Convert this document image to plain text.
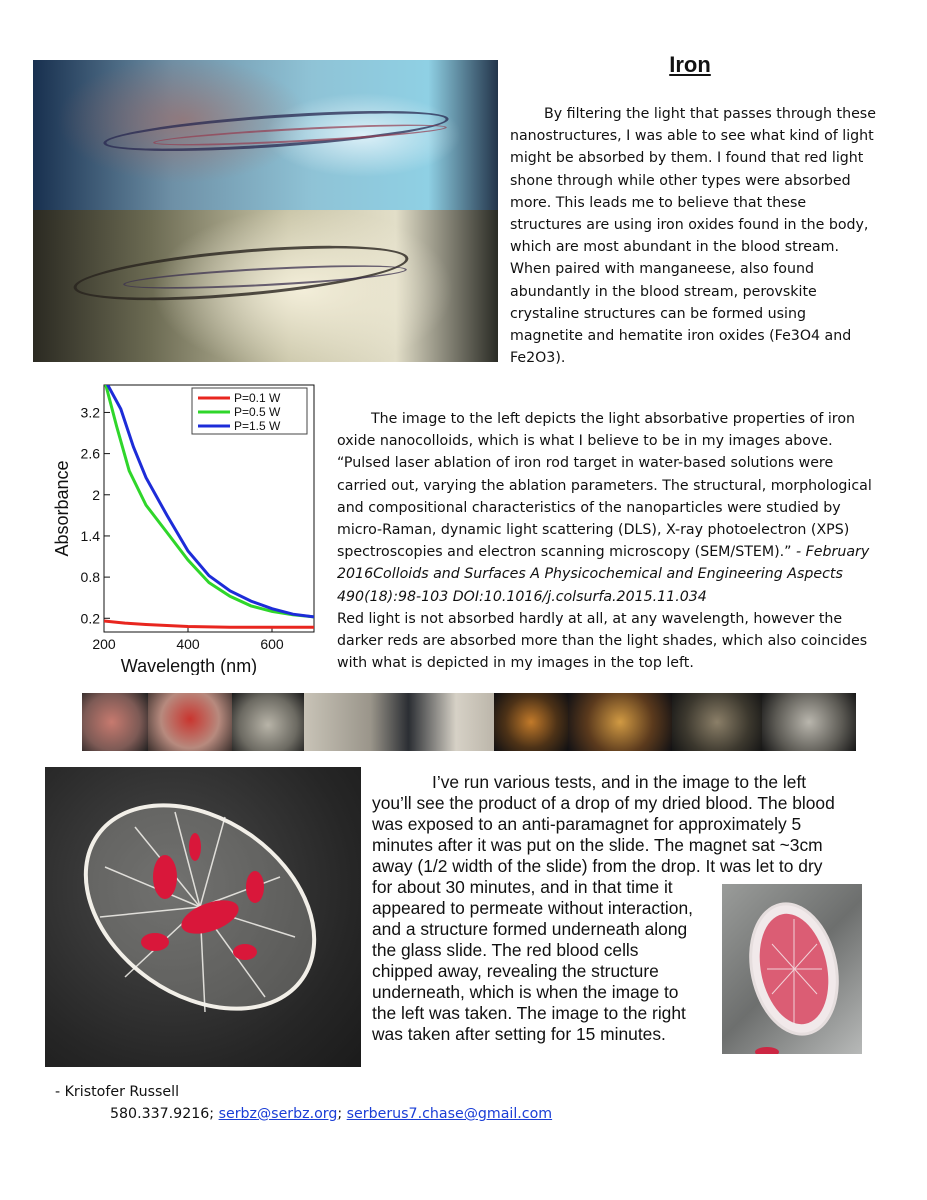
Iron

By filtering the light that passes through these nanostructures, I was able to see what kind of light might be absorbed by them. I found that red light shone through while other types were absorbed more. This leads me to believe that these structures are using iron oxides found in the body, which are most abundant in the blood stream. When paired with manganeese, also found abundantly in the blood stream, perovskite crystaline structures can be formed using magnetite and hematite iron oxides (Fe3O4 and Fe2O3).

0.2
0.8
1.4
2
2.6
3.2
200	400	600
Wavelength (nm)
Absorbance
P=0.1 W
P=0.5 W
P=1.5 W	The image to the left depicts the light absorbative properties of iron oxide nanocolloids, which is what I believe to be in my images above.

“Pulsed laser ablation of iron rod target in water-based solutions were carried out, varying the ablation parameters. The structural, morphological and compositional characteristics of the nanoparticles were studied by micro-Raman, dynamic light scattering (DLS), X-ray photoelectron (XPS) spectroscopies and electron scanning microscopy (SEM/STEM).” - February 2016Colloids and Surfaces A Physicochemical and Engineering Aspects 490(18):98-103 DOI:10.1016/j.colsurfa.2015.11.034

Red light is not absorbed hardly at all, at any wavelength, however the darker reds are absorbed more than the light shades, which also coincides with what is depicted in my images in the top left.

I’ve run various tests, and in the image to the left
you’ll see the product of a drop of my dried blood. The blood
was exposed to an anti-paramagnet for approximately 5
minutes after it was put on the slide. The magnet sat ~3cm
away (1/2 width of the slide) from the drop. It was let to dry
for about 30 minutes, and in that time it
appeared to permeate without interaction,
and a structure formed underneath along
the glass slide. The red blood cells
chipped away, revealing the structure
underneath, which is when the image to
the left was taken. The image to the right
was taken after setting for 15 minutes.
- Kristofer Russell
580.337.9216; serbz@serbz.org; serberus7.chase@gmail.com
